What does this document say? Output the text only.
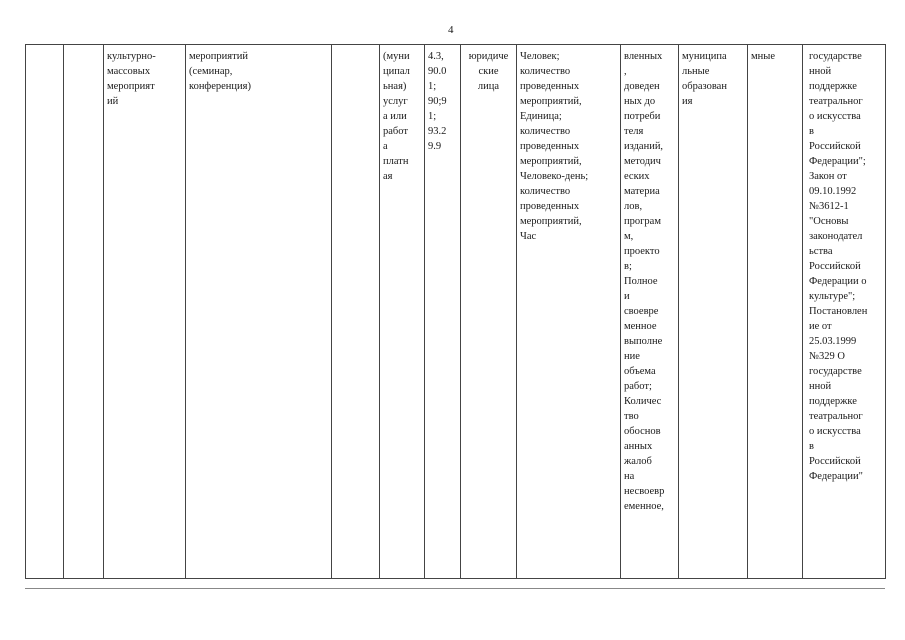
4
		культурно-
массовых
мероприят
ий	мероприятий
(семинар,
конференция)		(муни
ципал
ьная)
услуг
а или
работ
а
платн
ая	4.3,
90.0
1;
90;9
1;
93.2
9.9	юридиче
ские
лица	Человек;
количество
проведенных
мероприятий,
Единица;
количество
проведенных
мероприятий,
Человеко-день;
количество
проведенных
мероприятий,
Час	вленных
,
доведен
ных до
потреби
теля
изданий,
методич
еских
материа
лов,
програм
м,
проекто
в;
Полное
и
своевре
менное
выполне
ние
объема
работ;
Количес
тво
обоснов
анных
жалоб
на
несвоевр
еменное,	муниципа
льные
образован
ия	мные	государстве
нной
поддержке
театральног
о искусства
в
Российской
Федерации";
Закон от
09.10.1992
№3612-1
"Основы
законодател
ьства
Российской
Федерации о
культуре";
Постановлен
ие от
25.03.1999
№329 О
государстве
нной
поддержке
театральног
о искусства
в
Российской
Федерации"
